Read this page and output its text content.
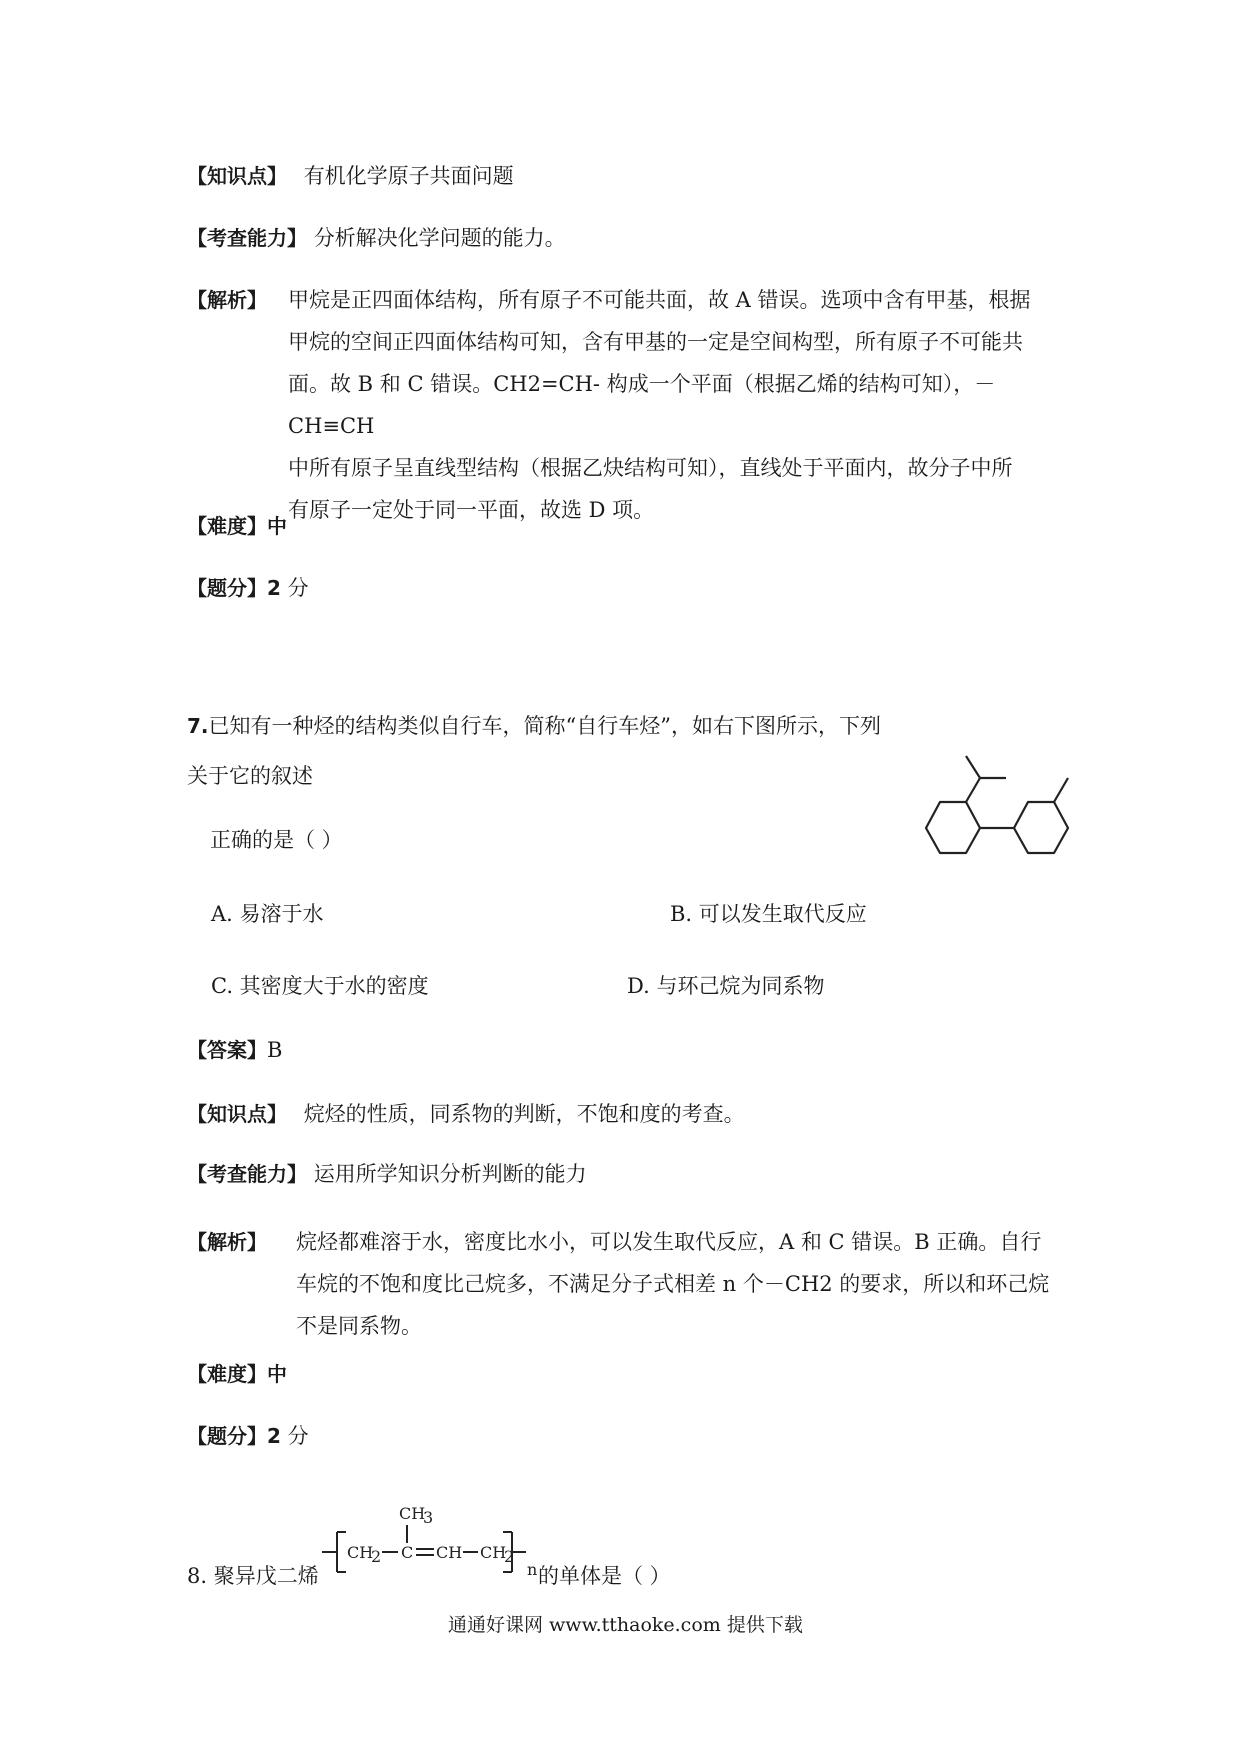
【知识点】 有机化学原子共面问题
【考查能力】 分析解决化学问题的能力。
【解析】 甲烷是正四面体结构，所有原子不可能共面，故 A 错误。选项中含有甲基，根据
甲烷的空间正四面体结构可知，含有甲基的一定是空间构型，所有原子不可能共
面。故 B 和 C 错误。CH2=CH- 构成一个平面（根据乙烯的结构可知），－CH≡CH
中所有原子呈直线型结构（根据乙炔结构可知），直线处于平面内，故分子中所
有原子一定处于同一平面，故选 D 项。
【难度】中
【题分】2 分
7.已知有一种烃的结构类似自行车，简称“自行车烃”，如右下图所示，下列
关于它的叙述
正确的是（ ）
A. 易溶于水	B. 可以发生取代反应
C. 其密度大于水的密度	D. 与环己烷为同系物
【答案】B
【知识点】 烷烃的性质，同系物的判断，不饱和度的考查。
【考查能力】 运用所学知识分析判断的能力
【解析】 烷烃都难溶于水，密度比水小，可以发生取代反应，A 和 C 错误。B 正确。自行
车烷的不饱和度比己烷多，不满足分子式相差 n 个－CH2 的要求，所以和环己烷
不是同系物。
【难度】中
【题分】2 分
8. 聚异戊二烯
CH
3
CH
2 C CH CH
2
n 的单体是（ ）
通通好课网 www.tthaoke.com 提供下载
